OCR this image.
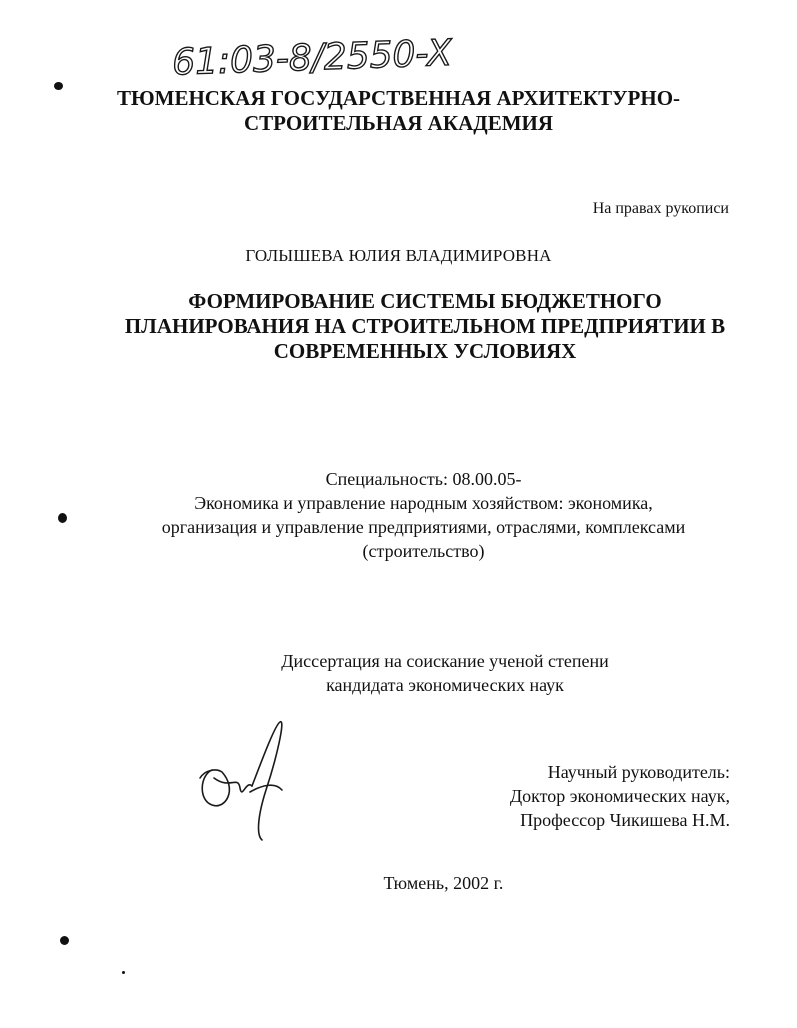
61:03-8/2550-X
ТЮМЕНСКАЯ ГОСУДАРСТВЕННАЯ АРХИТЕКТУРНО-
СТРОИТЕЛЬНАЯ АКАДЕМИЯ
На правах рукописи
ГОЛЫШЕВА ЮЛИЯ ВЛАДИМИРОВНА
ФОРМИРОВАНИЕ СИСТЕМЫ БЮДЖЕТНОГО
ПЛАНИРОВАНИЯ НА СТРОИТЕЛЬНОМ ПРЕДПРИЯТИИ В
СОВРЕМЕННЫХ УСЛОВИЯХ
Специальность: 08.00.05-
Экономика и управление народным хозяйством: экономика,
организация и управление предприятиями, отраслями, комплексами
(строительство)
Диссертация на соискание ученой степени
кандидата экономических наук
Научный руководитель:
Доктор экономических наук,
Профессор Чикишева Н.М.
Тюмень, 2002 г.
